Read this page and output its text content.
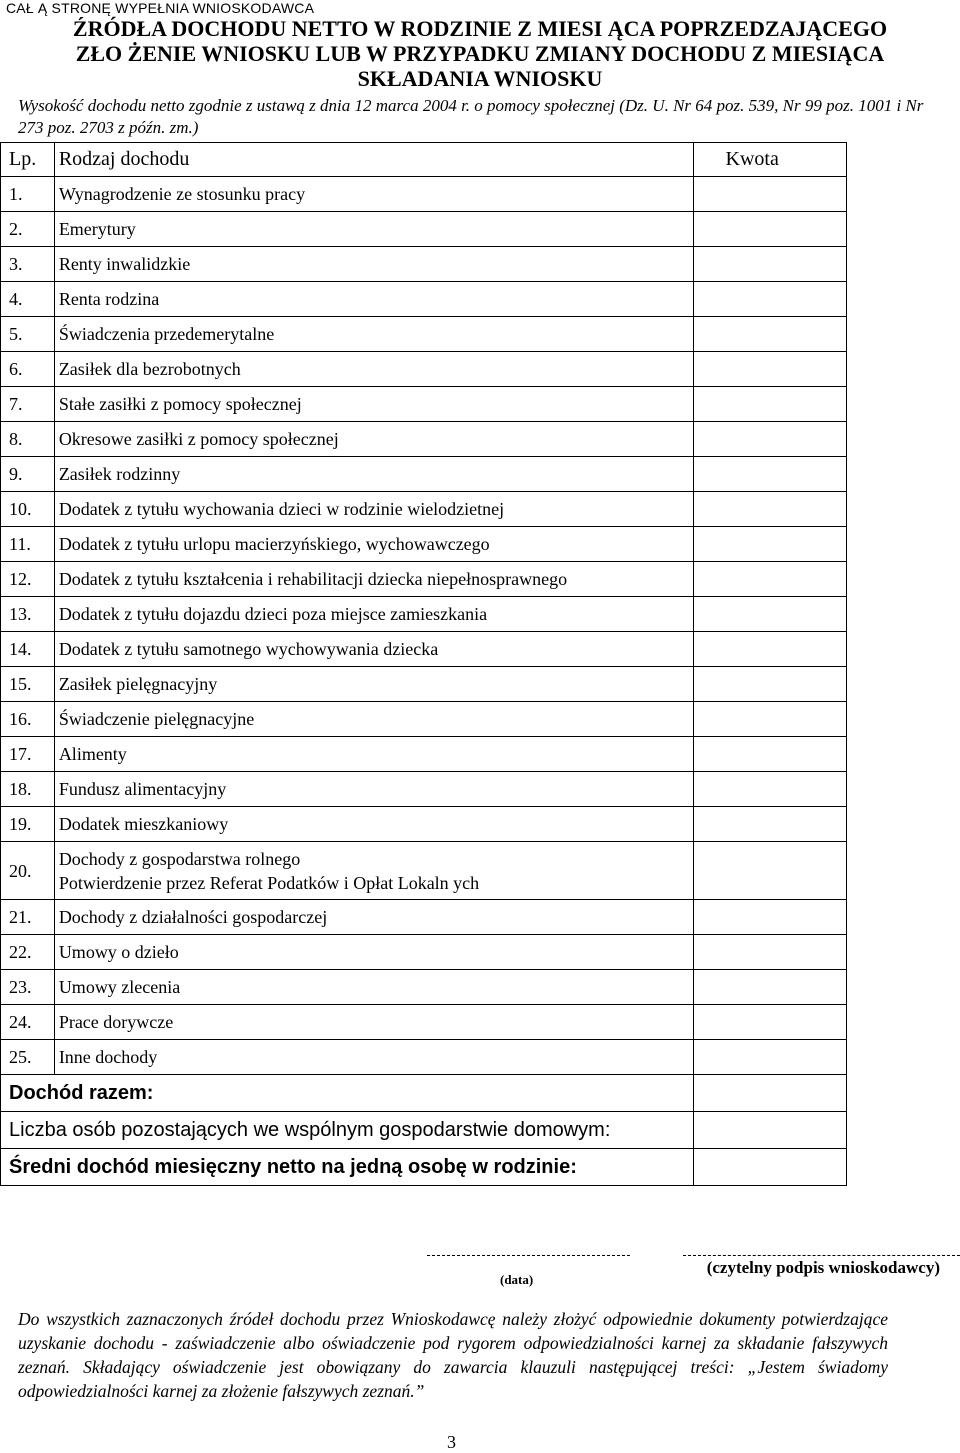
CAŁ Ą STRONĘ WYPEŁNIA WNIOSKODAWCA
ŹRÓDŁA DOCHODU NETTO W RODZINIE Z MIESI ĄCA POPRZEDZAJĄCEGO
ZŁO ŻENIE WNIOSKU LUB W PRZYPADKU ZMIANY DOCHODU Z MIESIĄCA
SKŁADANIA WNIOSKU
Wysokość dochodu netto zgodnie z ustawą z dnia 12 marca 2004 r. o pomocy społecznej (Dz. U. Nr 64 poz. 539, Nr 99 poz. 1001 i Nr 273 poz. 2703 z późn. zm.)
Lp.	Rodzaj dochodu	Kwota
1.	Wynagrodzenie ze stosunku pracy	
2.	Emerytury	
3.	Renty inwalidzkie	
4.	Renta rodzina	
5.	Świadczenia przedemerytalne	
6.	Zasiłek dla bezrobotnych	
7.	Stałe zasiłki z pomocy społecznej	
8.	Okresowe zasiłki z pomocy społecznej	
9.	Zasiłek rodzinny	
10.	Dodatek z tytułu wychowania dzieci w rodzinie wielodzietnej	
11.	Dodatek z tytułu urlopu macierzyńskiego, wychowawczego	
12.	Dodatek z tytułu kształcenia i rehabilitacji dziecka niepełnosprawnego	
13.	Dodatek z tytułu dojazdu dzieci poza miejsce zamieszkania	
14.	Dodatek z tytułu samotnego wychowywania dziecka	
15.	Zasiłek pielęgnacyjny	
16.	Świadczenie pielęgnacyjne	
17.	Alimenty	
18.	Fundusz alimentacyjny	
19.	Dodatek mieszkaniowy	
20.	Dochody z gospodarstwa rolnego
Potwierdzenie przez Referat Podatków i Opłat Lokaln ych	

21.	Dochody z działalności gospodarczej	
22.	Umowy o dzieło	
23.	Umowy zlecenia	
24.	Prace dorywcze	
25.	Inne dochody	
Dochód razem:		
Liczba osób pozostających we wspólnym gospodarstwie domowym:		
Średni dochód miesięczny netto na jedną osobę w rodzinie:		
(data)
(czytelny podpis wnioskodawcy)
Do wszystkich zaznaczonych źródeł dochodu przez Wnioskodawcę należy złożyć odpowiednie dokumenty potwierdzające uzyskanie dochodu - zaświadczenie albo oświadczenie pod rygorem odpowiedzialności karnej za składanie fałszywych zeznań. Składający oświadczenie jest obowiązany do zawarcia klauzuli następującej treści: „Jestem świadomy odpowiedzialności karnej za złożenie fałszywych zeznań.”
3
